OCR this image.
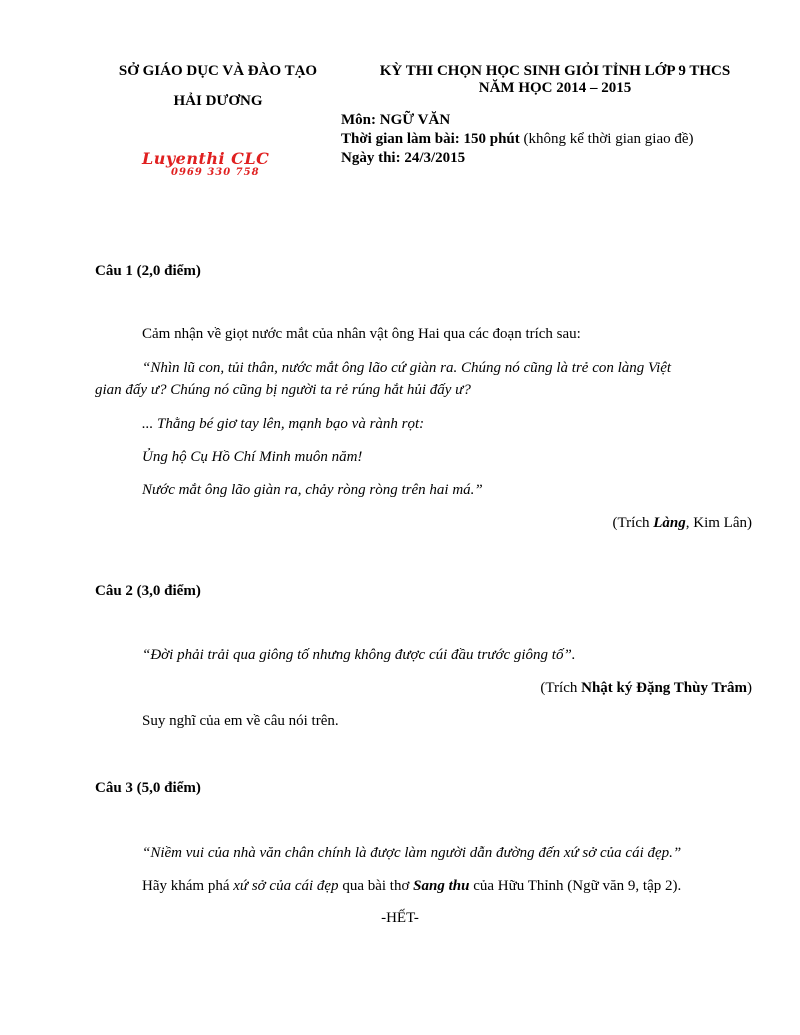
SỞ GIÁO DỤC VÀ ĐÀO TẠO
HẢI DƯƠNG
Luyenthi CLC
0969 330 758
KỲ THI CHỌN HỌC SINH GIỎI TỈNH LỚP 9 THCS
NĂM HỌC 2014 – 2015
Môn: NGỮ VĂN
Thời gian làm bài: 150 phút (không kể thời gian giao đề)
Ngày thi: 24/3/2015
Câu 1 (2,0 điểm)
Cảm nhận về giọt nước mắt của nhân vật ông Hai qua các đoạn trích sau:
“Nhìn lũ con, tủi thân, nước mắt ông lão cứ giàn ra. Chúng nó cũng là trẻ con làng Việt
gian đấy ư? Chúng nó cũng bị người ta rẻ rúng hắt hủi đấy ư?
... Thằng bé giơ tay lên, mạnh bạo và rành rọt:
Ủng hộ Cụ Hồ Chí Minh muôn năm!
Nước mắt ông lão giàn ra, chảy ròng ròng trên hai má.”
(Trích Làng, Kim Lân)
Câu 2 (3,0 điểm)
“Đời phải trải qua giông tố nhưng không được cúi đầu trước giông tố”.
(Trích Nhật ký Đặng Thùy Trâm)
Suy nghĩ của em về câu nói trên.
Câu 3 (5,0 điểm)
“Niềm vui của nhà văn chân chính là được làm người dẫn đường đến xứ sở của cái đẹp.”
Hãy khám phá xứ sở của cái đẹp qua bài thơ Sang thu của Hữu Thỉnh (Ngữ văn 9, tập 2).
-HẾT-
